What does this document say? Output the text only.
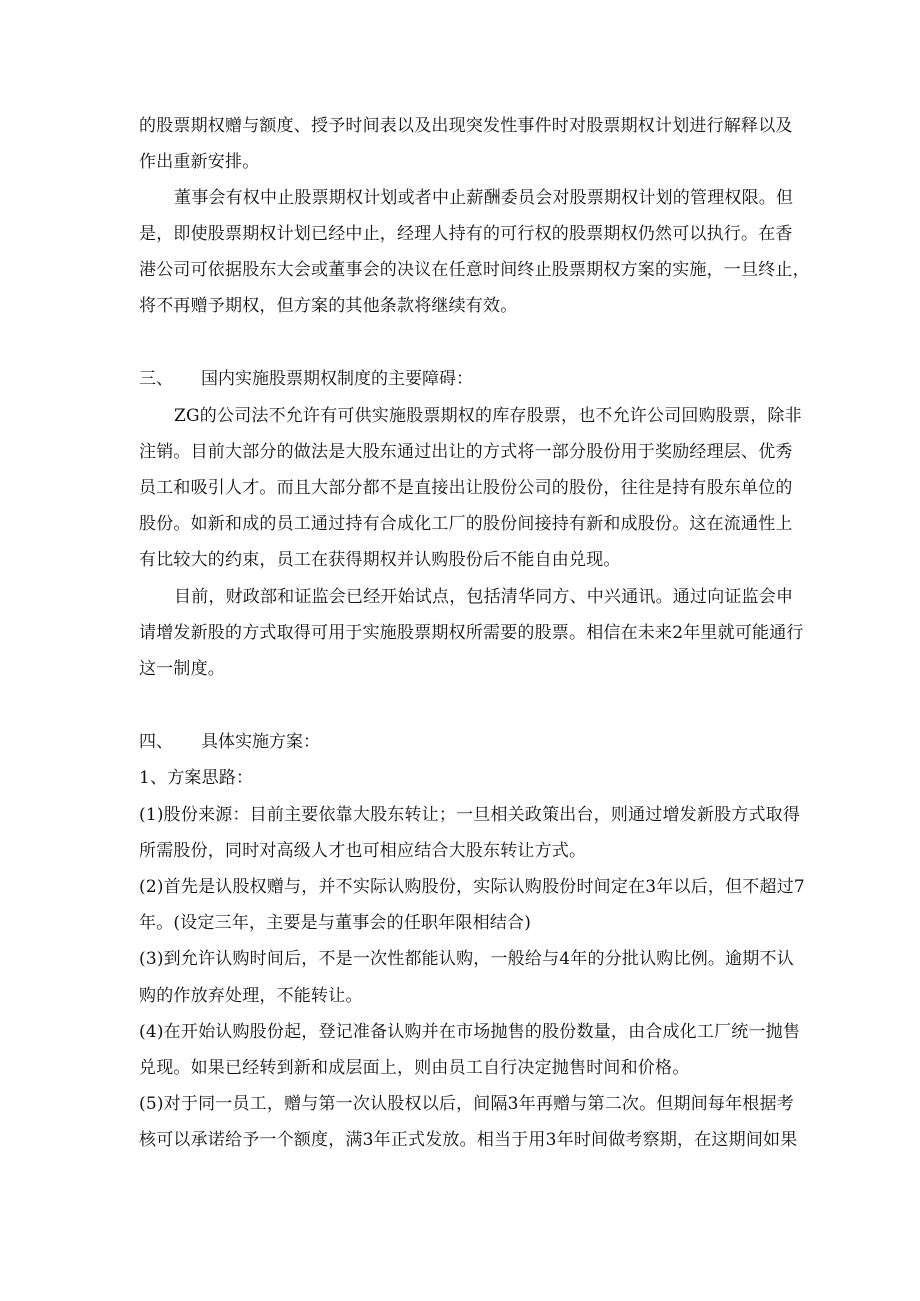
的股票期权赠与额度、授予时间表以及出现突发性事件时对股票期权计划进行解释以及
作出重新安排。
董事会有权中止股票期权计划或者中止薪酬委员会对股票期权计划的管理权限。但
是，即使股票期权计划已经中止，经理人持有的可行权的股票期权仍然可以执行。在香
港公司可依据股东大会或董事会的决议在任意时间终止股票期权方案的实施，一旦终止，
将不再赠予期权，但方案的其他条款将继续有效。
三、 国内实施股票期权制度的主要障碍：
ZG的公司法不允许有可供实施股票期权的库存股票，也不允许公司回购股票，除非
注销。目前大部分的做法是大股东通过出让的方式将一部分股份用于奖励经理层、优秀
员工和吸引人才。而且大部分都不是直接出让股份公司的股份，往往是持有股东单位的
股份。如新和成的员工通过持有合成化工厂的股份间接持有新和成股份。这在流通性上
有比较大的约束，员工在获得期权并认购股份后不能自由兑现。
目前，财政部和证监会已经开始试点，包括清华同方、中兴通讯。通过向证监会申
请增发新股的方式取得可用于实施股票期权所需要的股票。相信在未来2年里就可能通行
这一制度。
四、 具体实施方案：
1、方案思路：
(1)股份来源：目前主要依靠大股东转让；一旦相关政策出台，则通过增发新股方式取得
所需股份，同时对高级人才也可相应结合大股东转让方式。
(2)首先是认股权赠与，并不实际认购股份，实际认购股份时间定在3年以后，但不超过7
年。(设定三年，主要是与董事会的任职年限相结合)
(3)到允许认购时间后，不是一次性都能认购，一般给与4年的分批认购比例。逾期不认
购的作放弃处理，不能转让。
(4)在开始认购股份起，登记准备认购并在市场抛售的股份数量，由合成化工厂统一抛售
兑现。如果已经转到新和成层面上，则由员工自行决定抛售时间和价格。
(5)对于同一员工，赠与第一次认股权以后，间隔3年再赠与第二次。但期间每年根据考
核可以承诺给予一个额度，满3年正式发放。相当于用3年时间做考察期，在这期间如果
